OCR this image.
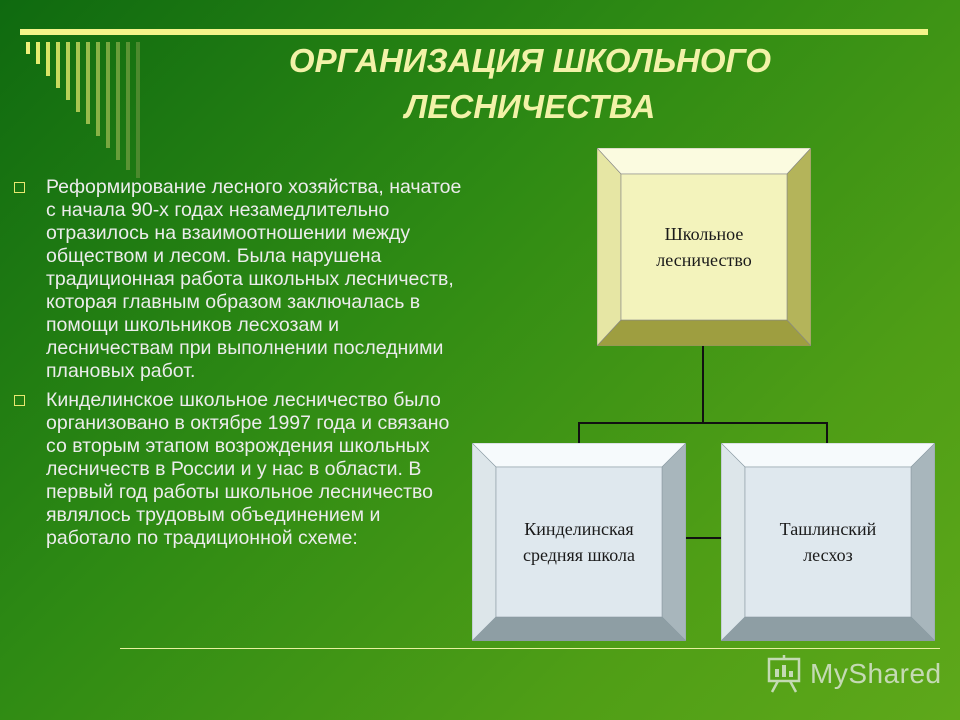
ОРГАНИЗАЦИЯ ШКОЛЬНОГО
ЛЕСНИЧЕСТВА
Реформирование лесного хозяйства, начатое с начала 90-х годах незамедлительно отразилось на взаимоотношении между обществом и лесом. Была нарушена традиционная работа школьных лесничеств, которая главным образом заключалась в помощи школьников лесхозам и лесничествам при выполнении последними плановых работ.
Кинделинское школьное лесничество было организовано в октябре 1997 года и связано со вторым этапом возрождения школьных лесничеств в России и у нас в области. В первый год работы школьное лесничество являлось трудовым объединением и работало по традиционной схеме:
Школьное
лесничество
Кинделинская
средняя школа
Ташлинский
лесхоз
MyShared
